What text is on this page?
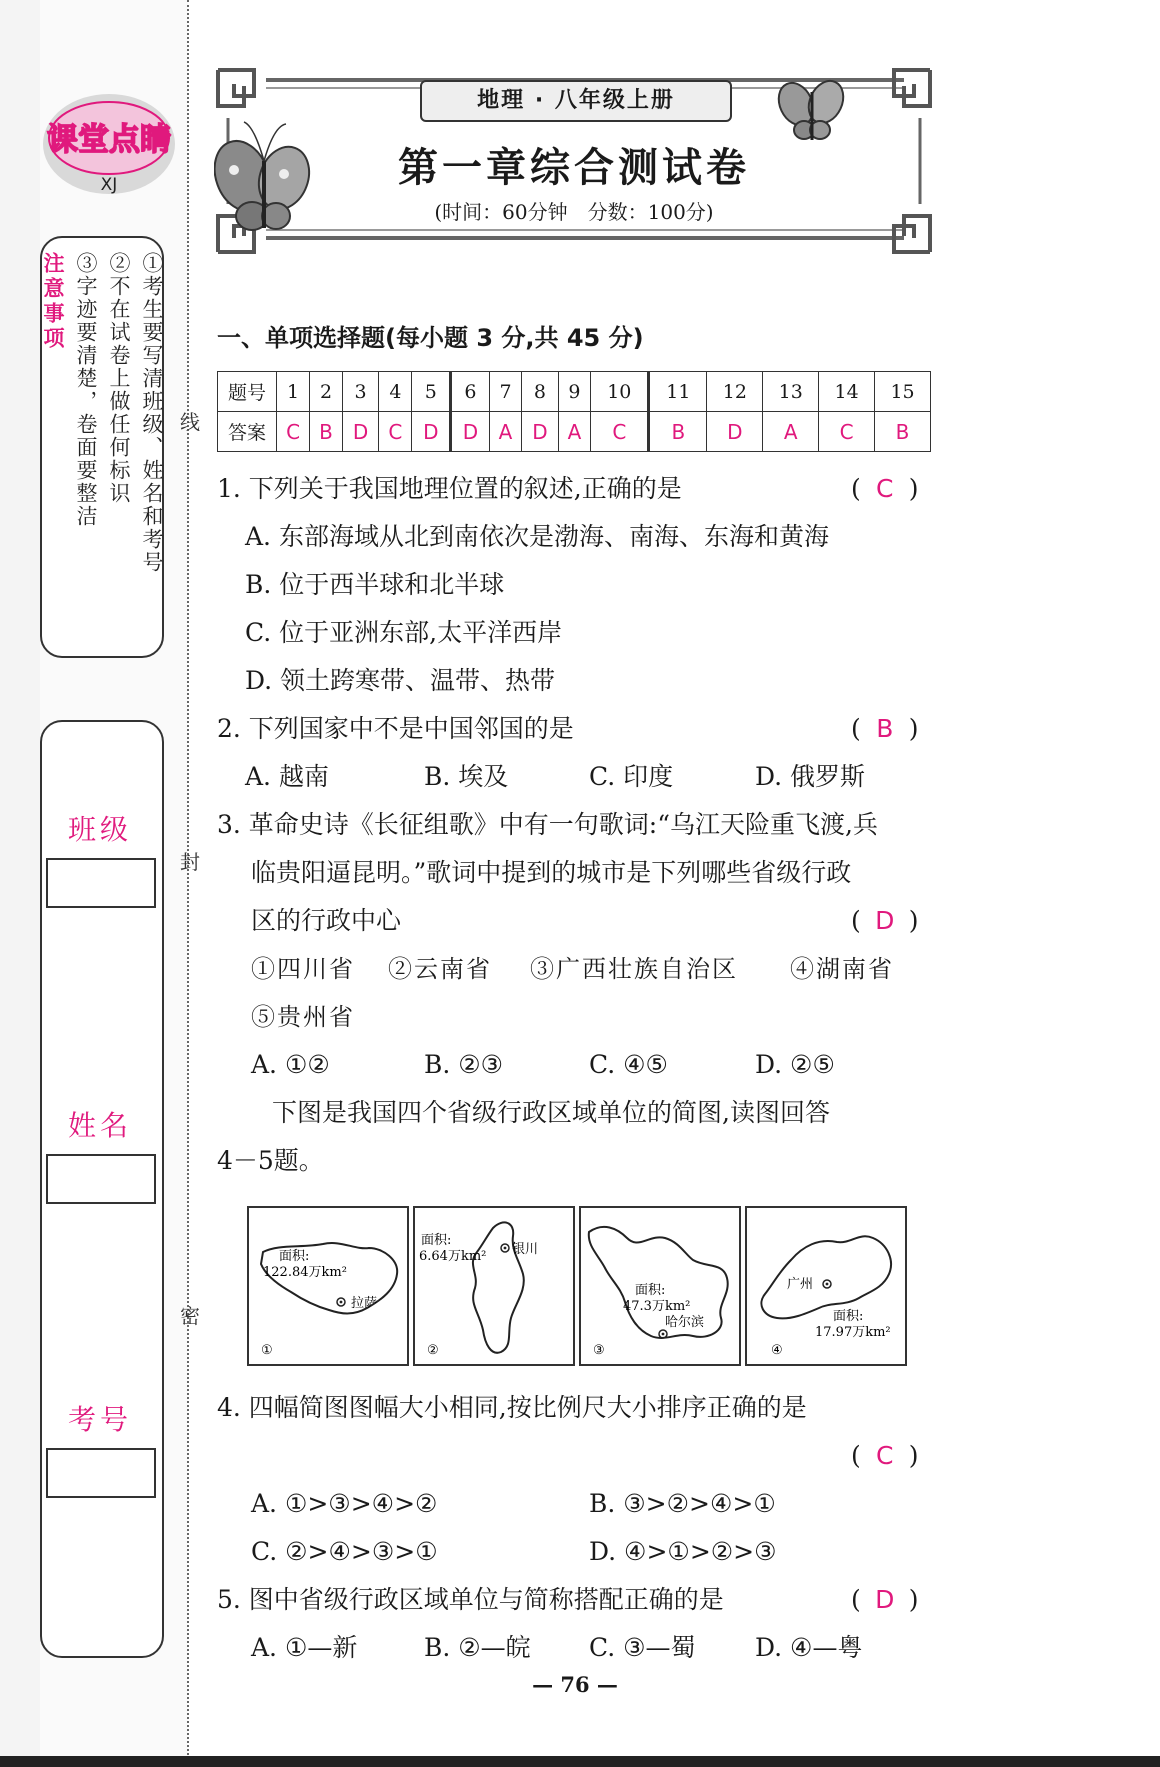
线
封
密
课堂点睛
XJ
①考生要写清班级、姓名和考号
②不在试卷上做任何标识
③字迹要清楚，卷面要整洁
注意事项
班级
姓名
考号
地理 · 八年级上册
第一章综合测试卷
(时间：60分钟　分数：100分)
一、单项选择题(每小题 3 分,共 45 分)
题号	1	2	3	4	5	6	7	8	9	10	11	12	13	14	15
答案	C	B	D	C	D	D	A	D	A	C	B	D	A	C	B
1. 下列关于我国地理位置的叙述,正确的是	( C )
A. 东部海域从北到南依次是渤海、南海、东海和黄海
B. 位于西半球和北半球
C. 位于亚洲东部,太平洋西岸
D. 领土跨寒带、温带、热带
2. 下列国家中不是中国邻国的是	( B )
A. 越南	B. 埃及	C. 印度	D. 俄罗斯
3. 革命史诗《长征组歌》中有一句歌词:“乌江天险重飞渡,兵
临贵阳逼昆明。”歌词中提到的城市是下列哪些省级行政
区的行政中心	( D )
①四川省 ②云南省 ③广西壮族自治区 ④湖南省
⑤贵州省
A. ①②	B. ②③	C. ④⑤	D. ②⑤
下图是我国四个省级行政区域单位的简图,读图回答
4－5题。
面积:
122.84万km²
拉萨
①
面积:
6.64万km² 银川
②
面积:
47.3万km²
哈尔滨
③
广州
面积:
17.97万km²
④
4. 四幅简图图幅大小相同,按比例尺大小排序正确的是
( C )
A. ①>③>④>②	B. ③>②>④>①
C. ②>④>③>①	D. ④>①>②>③
5. 图中省级行政区域单位与简称搭配正确的是	( D )
A. ①—新	B. ②—皖 C. ③—蜀 D. ④—粤
— 76 —
